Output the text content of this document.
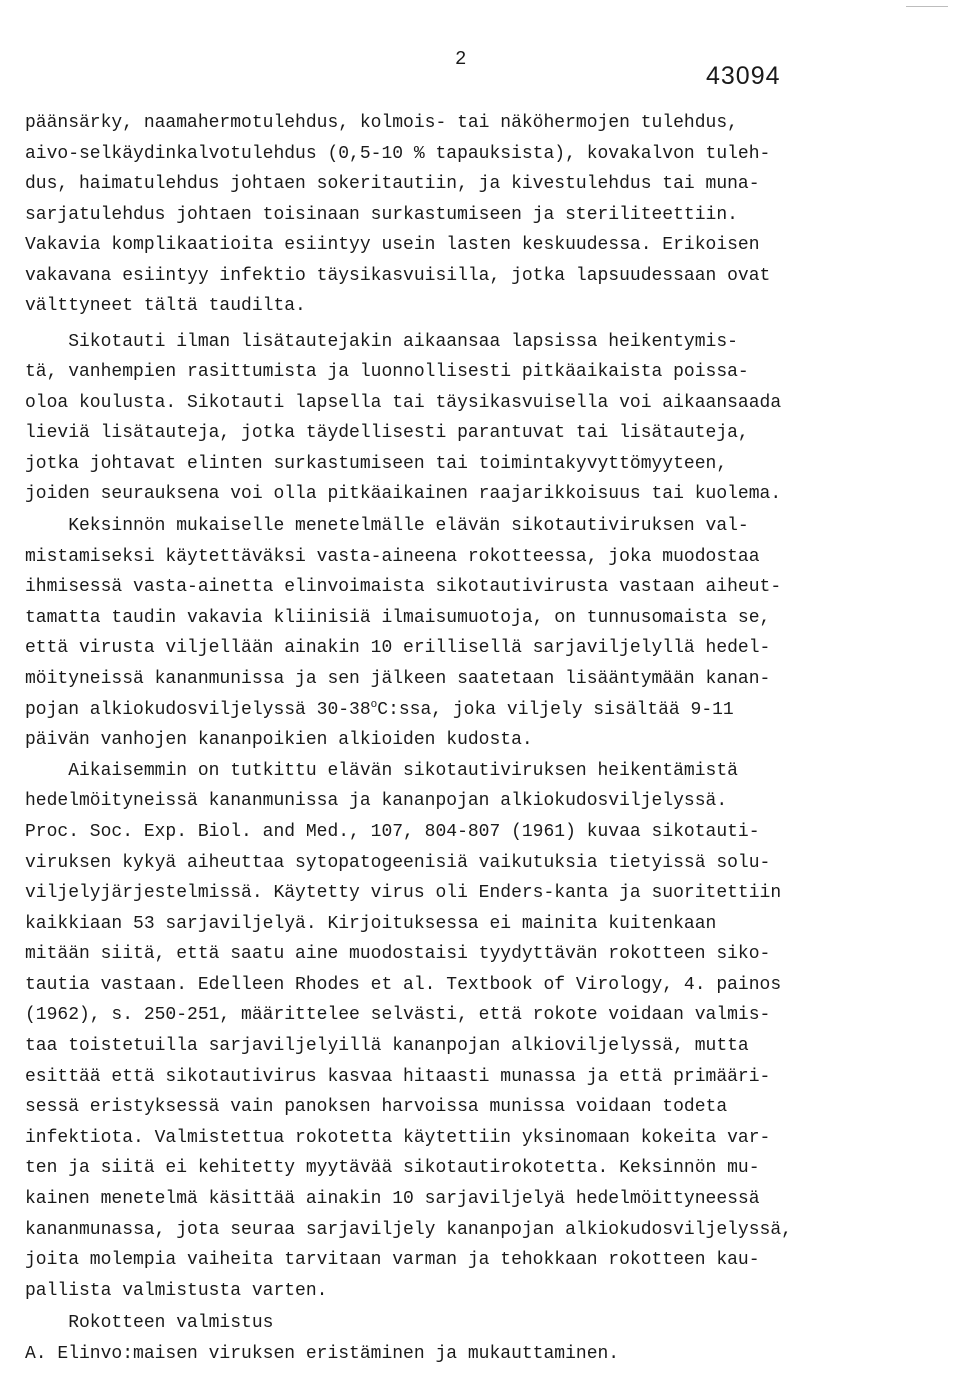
2
43094
päänsärky, naamahermotulehdus, kolmois- tai näköhermojen tulehdus,
aivo-selkäydinkalvotulehdus (0,5-10 % tapauksista), kovakalvon tuleh-
dus, haimatulehdus johtaen sokeritautiin, ja kivestulehdus tai muna-
sarjatulehdus johtaen toisinaan surkastumiseen ja steriliteettiin.
Vakavia komplikaatioita esiintyy usein lasten keskuudessa. Erikoisen
vakavana esiintyy infektio täysikasvuisilla, jotka lapsuudessaan ovat
välttyneet tältä taudilta.
Sikotauti ilman lisätautejakin aikaansaa lapsissa heikentymis-
tä, vanhempien rasittumista ja luonnollisesti pitkäaikaista poissa-
oloa koulusta. Sikotauti lapsella tai täysikasvuisella voi aikaansaada
lieviä lisätauteja, jotka täydellisesti parantuvat tai lisätauteja,
jotka johtavat elinten surkastumiseen tai toimintakyvyttömyyteen,
joiden seurauksena voi olla pitkäaikainen raajarikkoisuus tai kuolema.
Keksinnön mukaiselle menetelmälle elävän sikotautiviruksen val-
mistamiseksi käytettäväksi vasta-aineena rokotteessa, joka muodostaa
ihmisessä vasta-ainetta elinvoimaista sikotautivirusta vastaan aiheut-
tamatta taudin vakavia kliinisiä ilmaisumuotoja, on tunnusomaista se,
että virusta viljellään ainakin 10 erillisellä sarjaviljelyllä hedel-
möityneissä kananmunissa ja sen jälkeen saatetaan lisääntymään kanan-
pojan alkiokudosviljelyssä 30-38$^o$C:ssa, joka viljely sisältää 9-11
päivän vanhojen kananpoikien alkioiden kudosta.
Aikaisemmin on tutkittu elävän sikotautiviruksen heikentämistä
hedelmöityneissä kananmunissa ja kananpojan alkiokudosviljelyssä.
Proc. Soc. Exp. Biol. and Med., 107, 804-807 (1961) kuvaa sikotauti-
viruksen kykyä aiheuttaa sytopatogeenisiä vaikutuksia tietyissä solu-
viljelyjärjestelmissä. Käytetty virus oli Enders-kanta ja suoritettiin
kaikkiaan 53 sarjaviljelyä. Kirjoituksessa ei mainita kuitenkaan
mitään siitä, että saatu aine muodostaisi tyydyttävän rokotteen siko-
tautia vastaan. Edelleen Rhodes et al. Textbook of Virology, 4. painos
(1962), s. 250-251, määrittelee selvästi, että rokote voidaan valmis-
taa toistetuilla sarjaviljelyillä kananpojan alkioviljelyssä, mutta
esittää että sikotautivirus kasvaa hitaasti munassa ja että primääri-
sessä eristyksessä vain panoksen harvoissa munissa voidaan todeta
infektiota. Valmistettua rokotetta käytettiin yksinomaan kokeita var-
ten ja siitä ei kehitetty myytävää sikotautirokotetta. Keksinnön mu-
kainen menetelmä käsittää ainakin 10 sarjaviljelyä hedelmöittyneessä
kananmunassa, jota seuraa sarjaviljely kananpojan alkiokudosviljelyssä,
joita molempia vaiheita tarvitaan varman ja tehokkaan rokotteen kau-
pallista valmistusta varten.
Rokotteen valmistus
A. Elinvo:maisen viruksen eristäminen ja mukauttaminen.
